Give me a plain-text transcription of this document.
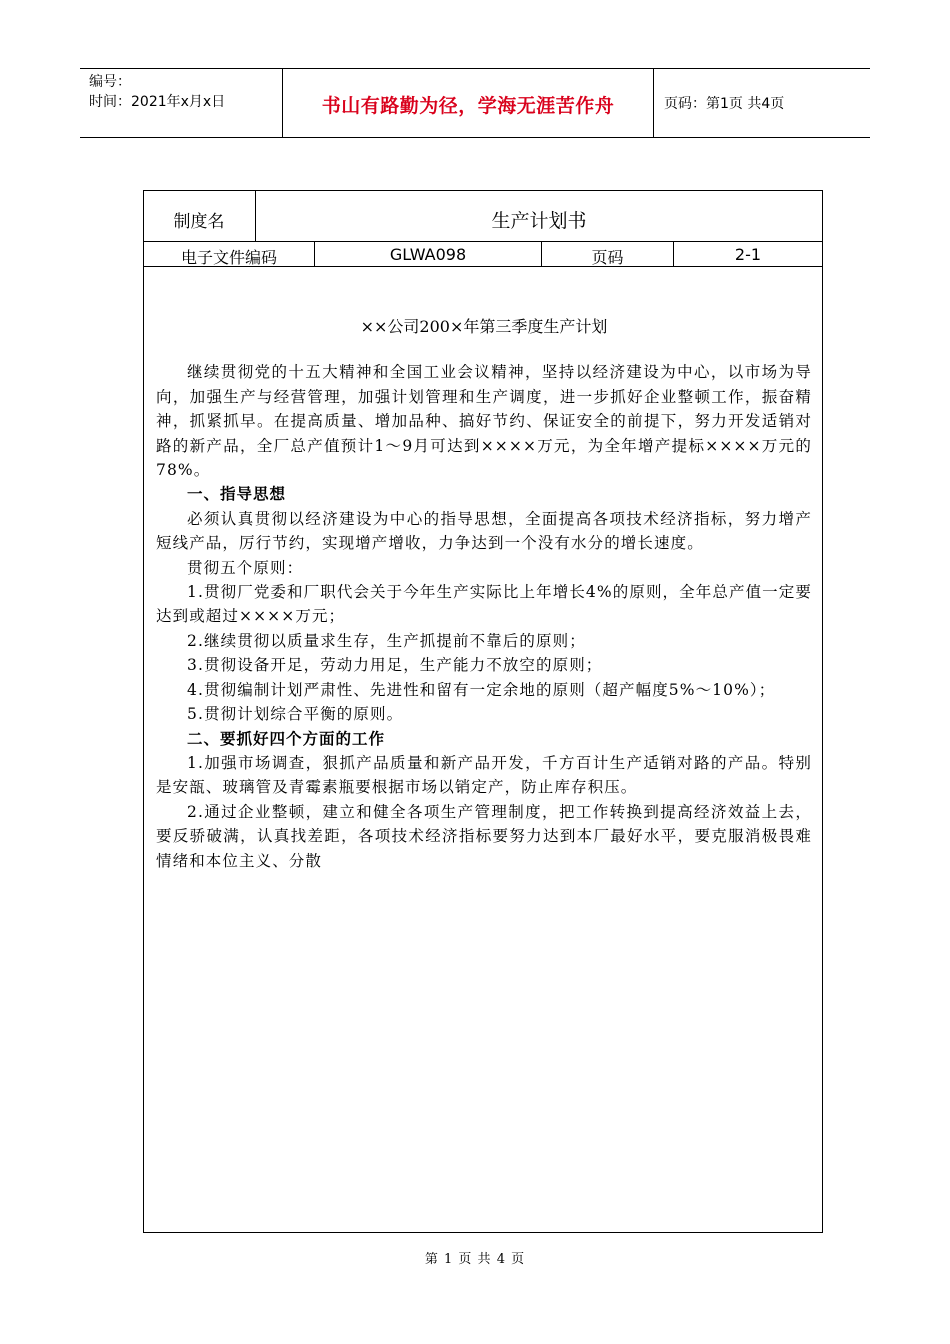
编号：
时间：2021年x月x日	书山有路勤为径，学海无涯苦作舟	页码：第1页 共4页
制度名	生产计划书
电子文件编码	GLWA098	页码	2-1
××公司200×年第三季度生产计划

继续贯彻党的十五大精神和全国工业会议精神，坚持以经济建设为中心，以市场为导向，加强生产与经营管理，加强计划管理和生产调度，进一步抓好企业整顿工作，振奋精神，抓紧抓早。在提高质量、增加品种、搞好节约、保证安全的前提下，努力开发适销对路的新产品，全厂总产值预计1～9月可达到××××万元，为全年增产提标××××万元的78%。

一、指导思想

必须认真贯彻以经济建设为中心的指导思想，全面提高各项技术经济指标，努力增产短线产品，厉行节约，实现增产增收，力争达到一个没有水分的增长速度。

贯彻五个原则：

1.贯彻厂党委和厂职代会关于今年生产实际比上年增长4%的原则，全年总产值一定要达到或超过××××万元；

2.继续贯彻以质量求生存，生产抓提前不靠后的原则；

3.贯彻设备开足，劳动力用足，生产能力不放空的原则；

4.贯彻编制计划严肃性、先进性和留有一定余地的原则（超产幅度5%～10%）；

5.贯彻计划综合平衡的原则。

二、要抓好四个方面的工作

1.加强市场调查，狠抓产品质量和新产品开发，千方百计生产适销对路的产品。特别是安瓿、玻璃管及青霉素瓶要根据市场以销定产，防止库存积压。

2.通过企业整顿，建立和健全各项生产管理制度，把工作转换到提高经济效益上去，要反骄破满，认真找差距，各项技术经济指标要努力达到本厂最好水平，要克服消极畏难情绪和本位主义、分散

第 1 页 共 4 页
